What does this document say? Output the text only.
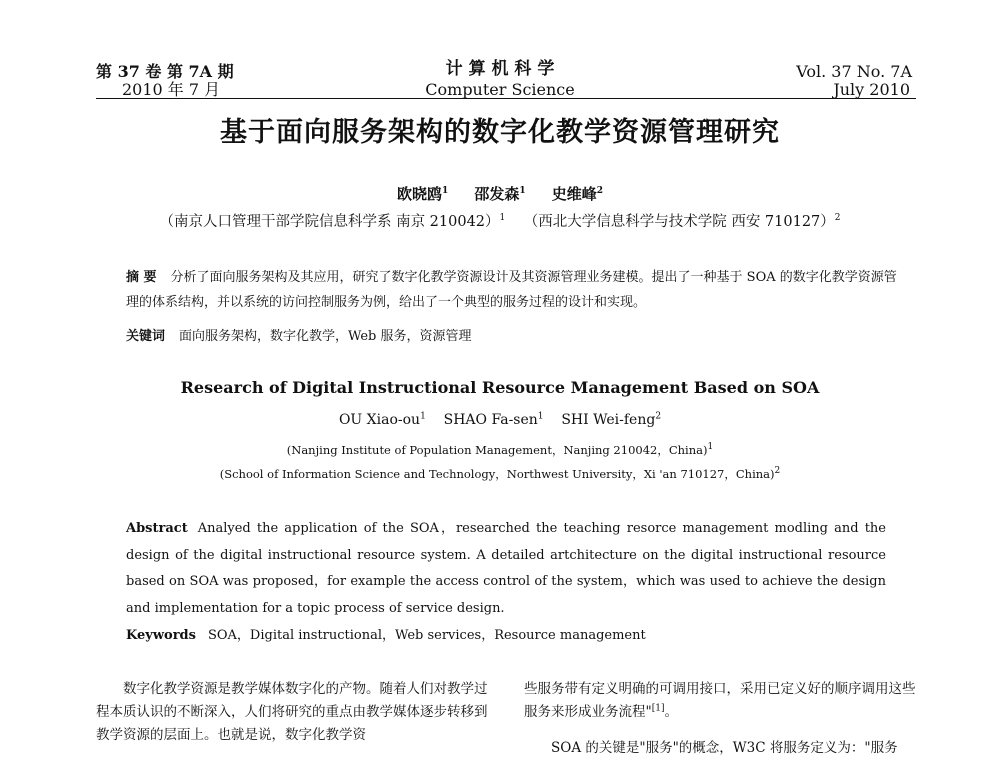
第 37 卷 第 7A 期
2010 年 7 月
计 算 机 科 学
Computer Science
Vol. 37 No. 7A
July 2010
基于面向服务架构的数字化教学资源管理研究
欧晓鸥$^1$ 邵发森$^1$ 史维峰$^2$
（南京人口管理干部学院信息科学系 南京 210042）$^1$ （西北大学信息科学与技术学院 西安 710127）$^2$
摘 要 分析了面向服务架构及其应用，研究了数字化教学资源设计及其资源管理业务建模。提出了一种基于 SOA 的数字化教学资源管理的体系结构，并以系统的访问控制服务为例，给出了一个典型的服务过程的设计和实现。
关键词 面向服务架构，数字化教学，Web 服务，资源管理
Research of Digital Instructional Resource Management Based on SOA
OU Xiao-$ou^1$ SHAO Fa-sen$^1$ SHI Wei-feng$^2$
(Nanjing Institute of Population Management，Nanjing 210042，China)$^1$
(School of Information Science and Technology，Northwest University，Xi 'an 710127，China)$^2$
Abstract Analyed the application of the SOA，researched the teaching resorce management modling and the design of the digital instructional resource system. A detailed artchitecture on the digital instructional resource based on SOA was proposed，for example the access control of the system，which was used to achieve the design and implementation for a topic process of service design.
Keywords SOA，Digital instructional，Web services，Resource management
数字化教学资源是教学媒体数字化的产物。随着人们对教学过程本质认识的不断深入，人们将研究的重点由教学媒体逐步转移到教学资源的层面上。也就是说，数字化教学资
些服务带有定义明确的可调用接口，采用已定义好的顺序调用这些服务来形成业务流程"[1]。
SOA 的关键是"服务"的概念，W3C 将服务定义为："服务
